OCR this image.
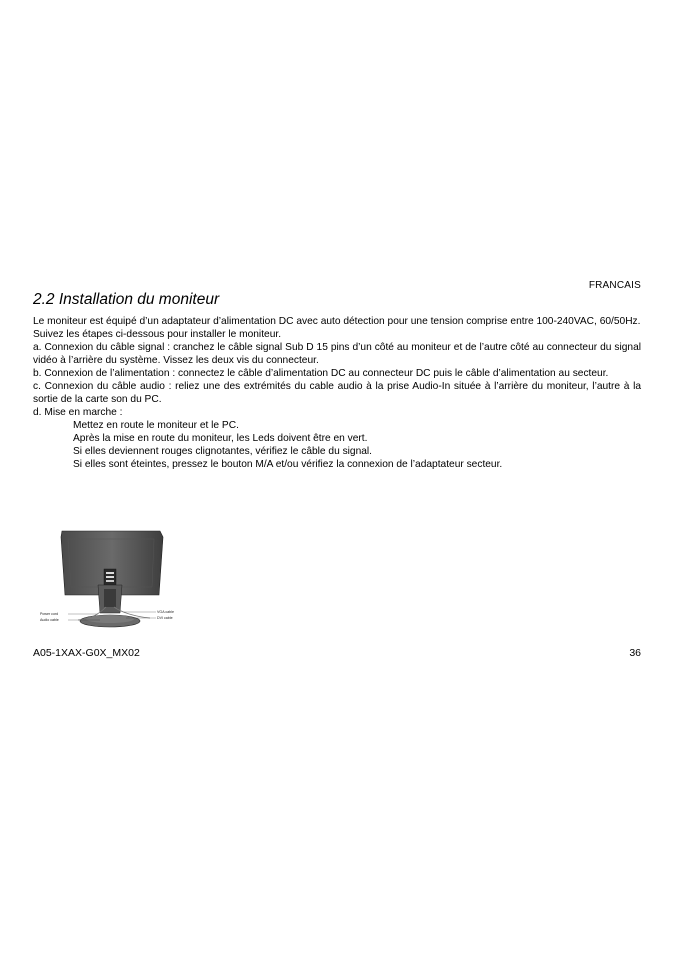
FRANCAIS
2.2 Installation du moniteur

Le moniteur est équipé d’un adaptateur d’alimentation DC avec auto détection pour une tension comprise entre 100-240VAC, 60/50Hz.

Suivez les étapes ci-dessous pour installer le moniteur.

a. Connexion du câble signal : cranchez le câble signal Sub D 15 pins d’un côté au moniteur et de l’autre côté au connecteur du signal vidéo à l’arrière du système. Vissez les deux vis du connecteur.

b. Connexion de l’alimentation : connectez le câble d’alimentation DC au connecteur DC puis le câble d’alimentation au secteur.

c. Connexion du câble audio : reliez une des extrémités du cable audio à la prise Audio-In située à l’arrière du moniteur, l’autre à la sortie de la carte son du PC.

d. Mise en marche :

Mettez en route le moniteur et le PC.

Après la mise en route du moniteur, les Leds doivent être en vert.

Si elles deviennent rouges clignotantes, vérifiez le câble du signal.

Si elles sont éteintes, pressez le bouton M/A et/ou vérifiez la connexion de l’adaptateur secteur.

Power cord
Audio cable
VGA cable
DVI cable
A05-1XAX-G0X_MX02	36
